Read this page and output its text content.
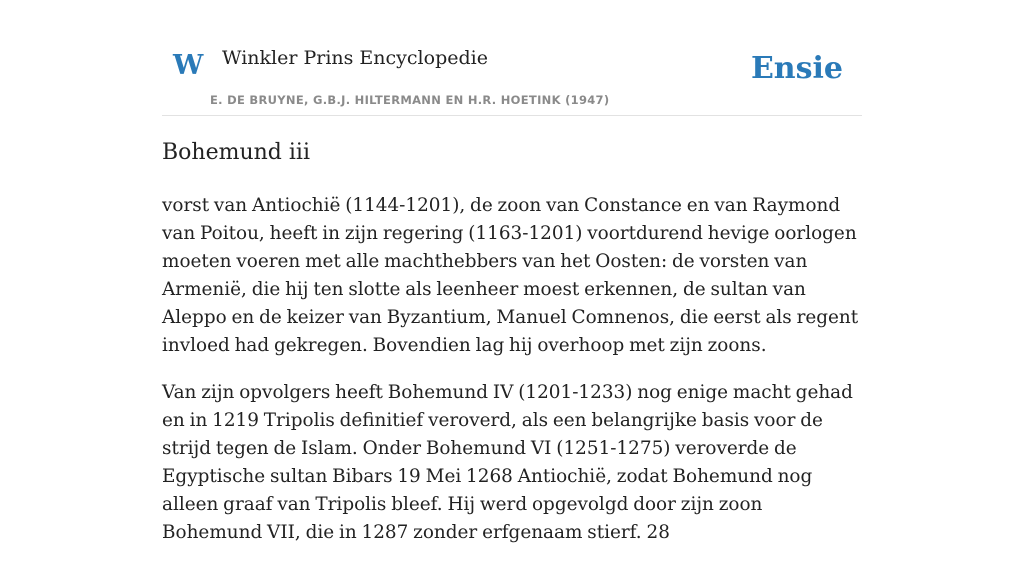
W Winkler Prins Encyclopedie
E. DE BRUYNE, G.B.J. HILTERMANN EN H.R. HOETINK (1947)
Ensie
Bohemund iii

vorst van Antiochië (1144-1201), de zoon van Constance en van Raymond van Poitou, heeft in zijn regering (1163-1201) voortdurend hevige oorlogen moeten voeren met alle machthebbers van het Oosten: de vorsten van Armenië, die hij ten slotte als leenheer moest erkennen, de sultan van Aleppo en de keizer van Byzantium, Manuel Comnenos, die eerst als regent invloed had gekregen. Bovendien lag hij overhoop met zijn zoons.

Van zijn opvolgers heeft Bohemund IV (1201-1233) nog enige macht gehad en in 1219 Tripolis definitief veroverd, als een belangrijke basis voor de strijd tegen de Islam. Onder Bohemund VI (1251-1275) veroverde de Egyptische sultan Bibars 19 Mei 1268 Antiochië, zodat Bohemund nog alleen graaf van Tripolis bleef. Hij werd opgevolgd door zijn zoon Bohemund VII, die in 1287 zonder erfgenaam stierf. 28
